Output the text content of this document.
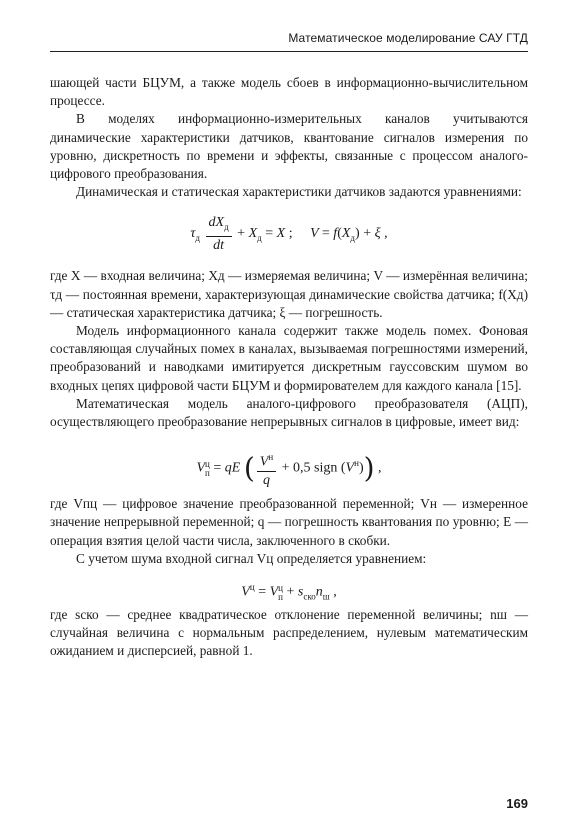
Математическое моделирование САУ ГТД

шающей части БЦУМ, а также модель сбоев в информационно-вычислительном процессе.

В моделях информационно-измерительных каналов учитываются динамические характеристики датчиков, квантование сигналов измерения по уровню, дискретность по времени и эффекты, связанные с процессом аналого-цифрового преобразования.

Динамическая и статическая характеристики датчиков задаются уравнениями:

$\tau_д \frac{dX_д}{dt} + X_д = X$ ;     $V = f(X_д) + \xi$ ,

где X — входная величина; Xд — измеряемая величина; V — измерённая величина; τд — постоянная времени, характеризующая динамические свойства датчика; f(Xд) — статическая характеристика датчика; ξ — погрешность.

Модель информационного канала содержит также модель помех. Фоновая составляющая случайных помех в каналах, вызываемая погрешностями измерений, преобразований и наводками имитируется дискретным гауссовским шумом во входных цепях цифровой части БЦУМ и формирователем для каждого канала [15].

Математическая модель аналого-цифрового преобразователя (АЦП), осуществляющего преобразование непрерывных сигналов в цифровые, имеет вид:

V ц
п = qE ( $\frac{V^н}{q} + 0,5$ sign $(V^н)$) ,

где Vпц — цифровое значение преобразованной переменной; Vн — измеренное значение непрерывной переменной; q — погрешность квантования по уровню; E — операция взятия целой части числа, заключенного в скобки.

С учетом шума входной сигнал Vц определяется уравнением:

$V^ц = V$ ц
$п + s_{ско}n_ш$ ,

где sско — среднее квадратическое отклонение переменной величины; nш — случайная величина с нормальным распределением, нулевым математическим ожиданием и дисперсией, равной 1.

169
